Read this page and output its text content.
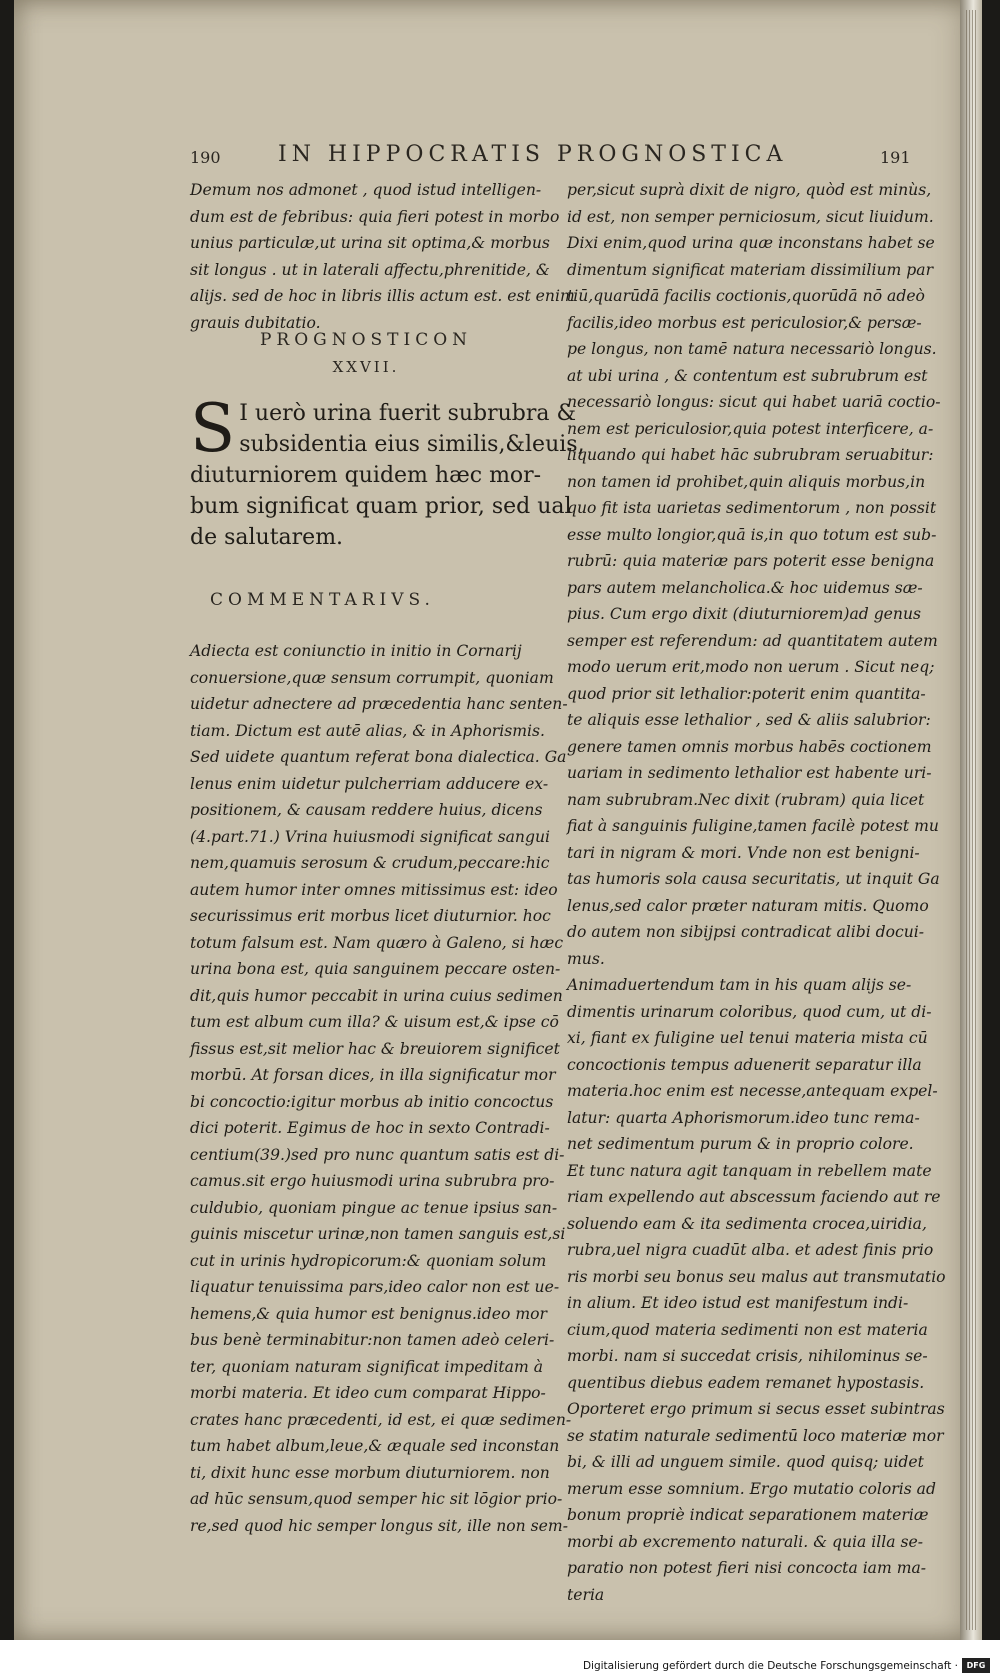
190	IN HIPPOCRATIS PROGNOSTICA	191
Demum nos admonet , quod istud intelligen-
dum est de febribus: quia fieri potest in morbo
unius particulæ,ut urina sit optima,& morbus
sit longus . ut in laterali affectu,phrenitide, &
alijs. sed de hoc in libris illis actum est. est enim
grauis dubitatio.
PROGNOSTICON
XXVII.
S I uerò urina fuerit subrubra &
subsidentia eius similis,&leuis,
diuturniorem quidem hæc mor-
bum significat quam prior, sed ual
de salutarem.
COMMENTARIVS.
Adiecta est coniunctio in initio in Cornarij
conuersione,quæ sensum corrumpit, quoniam
uidetur adnectere ad præcedentia hanc senten-
tiam. Dictum est autē alias, & in Aphorismis.
Sed uidete quantum referat bona dialectica. Ga
lenus enim uidetur pulcherriam adducere ex-
positionem, & causam reddere huius, dicens
(4.part.71.) Vrina huiusmodi significat sangui
nem,quamuis serosum & crudum,peccare:hic
autem humor inter omnes mitissimus est: ideo
securissimus erit morbus licet diuturnior. hoc
totum falsum est. Nam quæro à Galeno, si hæc
urina bona est, quia sanguinem peccare osten-
dit,quis humor peccabit in urina cuius sedimen
tum est album cum illa? & uisum est,& ipse cō
fissus est,sit melior hac & breuiorem significet
morbū. At forsan dices, in illa significatur mor
bi concoctio:igitur morbus ab initio concoctus
dici poterit. Egimus de hoc in sexto Contradi-
centium(39.)sed pro nunc quantum satis est di-
camus.sit ergo huiusmodi urina subrubra pro-
culdubio, quoniam pingue ac tenue ipsius san-
guinis miscetur urinæ,non tamen sanguis est,si
cut in urinis hydropicorum:& quoniam solum
liquatur tenuissima pars,ideo calor non est ue-
hemens,& quia humor est benignus.ideo mor
bus benè terminabitur:non tamen adeò celeri-
ter, quoniam naturam significat impeditam à
morbi materia. Et ideo cum comparat Hippo-
crates hanc præcedenti, id est, ei quæ sedimen-
tum habet album,leue,& æquale sed inconstan
ti, dixit hunc esse morbum diuturniorem. non
ad hūc sensum,quod semper hic sit lōgior prio-
re,sed quod hic semper longus sit, ille non sem-
per,sicut suprà dixit de nigro, quòd est minùs,
id est, non semper perniciosum, sicut liuidum.
Dixi enim,quod urina quæ inconstans habet se
dimentum significat materiam dissimilium par
tiū,quarūdā facilis coctionis,quorūdā nō adeò
facilis,ideo morbus est periculosior,& persæ-
pe longus, non tamē natura necessariò longus.
at ubi urina , & contentum est subrubrum est
necessariò longus: sicut qui habet uariā coctio-
nem est periculosior,quia potest interficere, a-
liquando qui habet hāc subrubram seruabitur:
non tamen id prohibet,quin aliquis morbus,in
quo fit ista uarietas sedimentorum , non possit
esse multo longior,quā is,in quo totum est sub-
rubrū: quia materiæ pars poterit esse benigna
pars autem melancholica.& hoc uidemus sæ-
pius. Cum ergo dixit (diuturniorem)ad genus
semper est referendum: ad quantitatem autem
modo uerum erit,modo non uerum . Sicut neq;
quod prior sit lethalior:poterit enim quantita-
te aliquis esse lethalior , sed & aliis salubrior:
genere tamen omnis morbus habēs coctionem
uariam in sedimento lethalior est habente uri-
nam subrubram.Nec dixit (rubram) quia licet
fiat à sanguinis fuligine,tamen facilè potest mu
tari in nigram & mori. Vnde non est benigni-
tas humoris sola causa securitatis, ut inquit Ga
lenus,sed calor præter naturam mitis. Quomo
do autem non sibijpsi contradicat alibi docui-
mus.
Animaduertendum tam in his quam alijs se-
dimentis urinarum coloribus, quod cum, ut di-
xi, fiant ex fuligine uel tenui materia mista cū
concoctionis tempus aduenerit separatur illa
materia.hoc enim est necesse,antequam expel-
latur: quarta Aphorismorum.ideo tunc rema-
net sedimentum purum & in proprio colore.
Et tunc natura agit tanquam in rebellem mate
riam expellendo aut abscessum faciendo aut re
soluendo eam & ita sedimenta crocea,uiridia,
rubra,uel nigra cuadūt alba. et adest finis prio
ris morbi seu bonus seu malus aut transmutatio
in alium. Et ideo istud est manifestum indi-
cium,quod materia sedimenti non est materia
morbi. nam si succedat crisis, nihilominus se-
quentibus diebus eadem remanet hypostasis.
Oporteret ergo primum si secus esset subintras
se statim naturale sedimentū loco materiæ mor
bi, & illi ad unguem simile. quod quisq; uidet
merum esse somnium. Ergo mutatio coloris ad
bonum propriè indicat separationem materiæ
morbi ab excremento naturali. & quia illa se-
paratio non potest fieri nisi concocta iam ma-
teria
Digitalisierung gefördert durch die Deutsche Forschungsgemeinschaft ·	DFG
